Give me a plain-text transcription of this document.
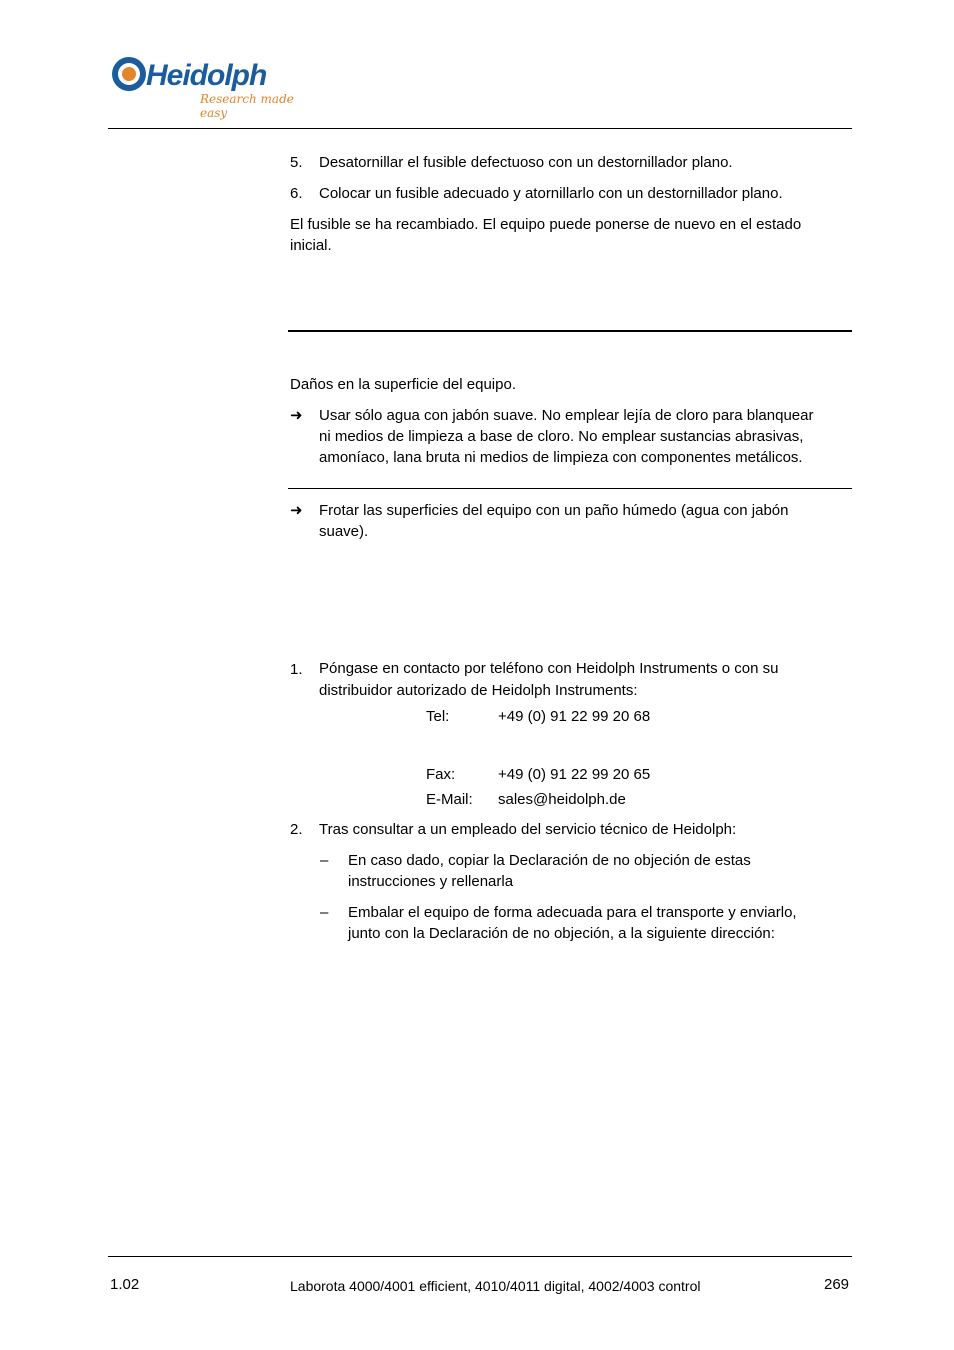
Heidolph
Research made easy
5. Desatornillar el fusible defectuoso con un destornillador plano.
6. Colocar un fusible adecuado y atornillarlo con un destornillador plano.
El fusible se ha recambiado. El equipo puede ponerse de nuevo en el estado
inicial.
Daños en la superficie del equipo.
➜ Usar sólo agua con jabón suave. No emplear lejía de cloro para blanquear
ni medios de limpieza a base de cloro. No emplear sustancias abrasivas,
amoníaco, lana bruta ni medios de limpieza con componentes metálicos.
➜ Frotar las superficies del equipo con un paño húmedo (agua con jabón
suave).
1. Póngase en contacto por teléfono con Heidolph Instruments o con su
distribuidor autorizado de Heidolph Instruments:
Tel:	+49 (0) 91 22 99 20 68
Fax:	+49 (0) 91 22 99 20 65
E-Mail: sales@heidolph.de
2. Tras consultar a un empleado del servicio técnico de Heidolph:
– En caso dado, copiar la Declaración de no objeción de estas
instrucciones y rellenarla
– Embalar el equipo de forma adecuada para el transporte y enviarlo,
junto con la Declaración de no objeción, a la siguiente dirección:
1.02	Laborota 4000/4001 efficient, 4010/4011 digital, 4002/4003 control	269
